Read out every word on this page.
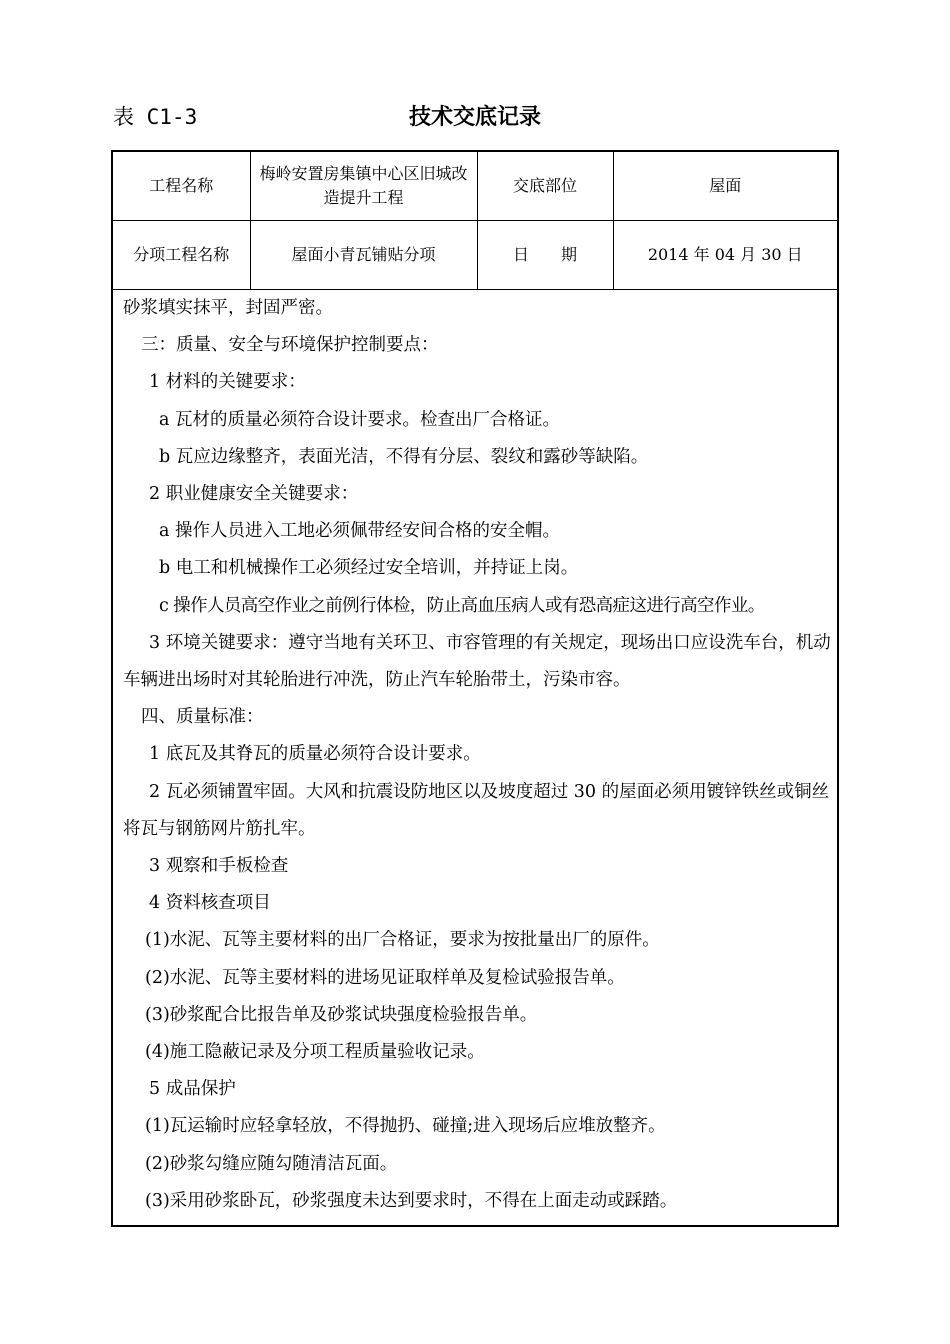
表 C1-3	技术交底记录
工程名称	梅岭安置房集镇中心区旧城改造提升工程	交底部位	屋面
分项工程名称	屋面小青瓦铺贴分项	日　　期	2014 年 04 月 30 日

砂浆填实抹平，封固严密。

三：质量、安全与环境保护控制要点：

1 材料的关键要求：

a 瓦材的质量必须符合设计要求。检查出厂合格证。

b 瓦应边缘整齐，表面光洁，不得有分层、裂纹和露砂等缺陷。

2 职业健康安全关键要求：

a 操作人员进入工地必须佩带经安间合格的安全帽。

b 电工和机械操作工必须经过安全培训，并持证上岗。

c 操作人员高空作业之前例行体检，防止高血压病人或有恐高症这进行高空作业。

3 环境关键要求：遵守当地有关环卫、市容管理的有关规定，现场出口应设洗车台，机动车辆进出场时对其轮胎进行冲洗，防止汽车轮胎带土，污染市容。

四、质量标准：

1 底瓦及其脊瓦的质量必须符合设计要求。

2 瓦必须铺置牢固。大风和抗震设防地区以及坡度超过 30 的屋面必须用镀锌铁丝或铜丝将瓦与钢筋网片筋扎牢。

3 观察和手板检查

4 资料核查项目

(1)水泥、瓦等主要材料的出厂合格证，要求为按批量出厂的原件。

(2)水泥、瓦等主要材料的进场见证取样单及复检试验报告单。

(3)砂浆配合比报告单及砂浆试块强度检验报告单。

(4)施工隐蔽记录及分项工程质量验收记录。

5 成品保护

(1)瓦运输时应轻拿轻放，不得抛扔、碰撞;进入现场后应堆放整齐。

(2)砂浆勾缝应随勾随清洁瓦面。

(3)采用砂浆卧瓦，砂浆强度未达到要求时，不得在上面走动或踩踏。
